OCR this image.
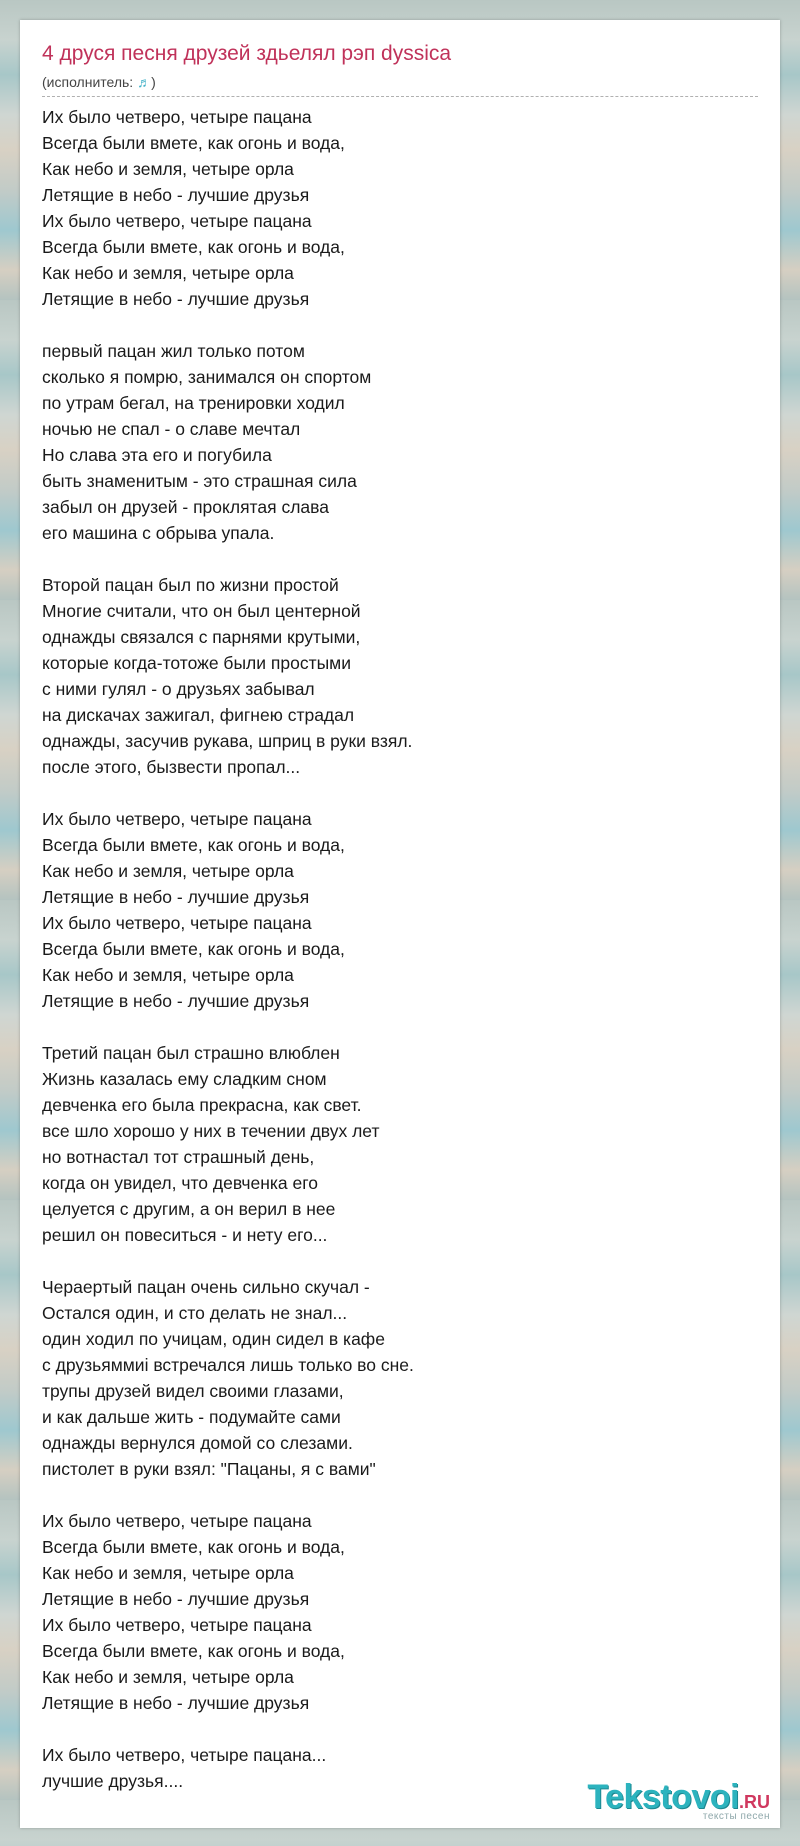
4 друся песня друзей здьелял рэп dyssica
(исполнитель: ♬)
Их было четверо, четыре пацана
Всегда были вмете, как огонь и вода,
Как небо и земля, четыре орла
Летящие в небо - лучшие друзья
Их было четверо, четыре пацана
Всегда были вмете, как огонь и вода,
Как небо и земля, четыре орла
Летящие в небо - лучшие друзья
первый пацан жил только потом
сколько я помрю, занимался он спортом
по утрам бегал, на тренировки ходил
ночью не спал - о славе мечтал
Но слава эта его и погубила
быть знаменитым - это страшная сила
забыл он друзей - проклятая слава
его машина с обрыва упала.
Второй пацан был по жизни простой
Многие считали, что он был центерной
однажды связался с парнями крутыми,
которые когда-тотоже были простыми
с ними гулял - о друзьях забывал
на дискачах зажигал, фигнею страдал
однажды, засучив рукава, шприц в руки взял.
после этого, бызвести пропал...
Их было четверо, четыре пацана
Всегда были вмете, как огонь и вода,
Как небо и земля, четыре орла
Летящие в небо - лучшие друзья
Их было четверо, четыре пацана
Всегда были вмете, как огонь и вода,
Как небо и земля, четыре орла
Летящие в небо - лучшие друзья
Третий пацан был страшно влюблен
Жизнь казалась ему сладким сном
девченка его была прекрасна, как свет.
все шло хорошо у них в течении двух лет
но вотнастал тот страшный день,
когда он увидел, что девченка его
целуется с другим, а он верил в нее
решил он повеситься - и нету его...
Чераертый пацан очень сильно скучал -
Остался один, и сто делать не знал...
один ходил по учицам, один сидел в кафе
с друзьяммиi встречался лишь только во сне.
трупы друзей видел своими глазами,
и как дальше жить - подумайте сами
однажды вернулся домой со слезами.
пистолет в руки взял: "Пацаны, я с вами"
Их было четверо, четыре пацана
Всегда были вмете, как огонь и вода,
Как небо и земля, четыре орла
Летящие в небо - лучшие друзья
Их было четверо, четыре пацана
Всегда были вмете, как огонь и вода,
Как небо и земля, четыре орла
Летящие в небо - лучшие друзья
Их было четверо, четыре пацана...
лучшие друзья....	Tekstovoi.RU
тексты песен
